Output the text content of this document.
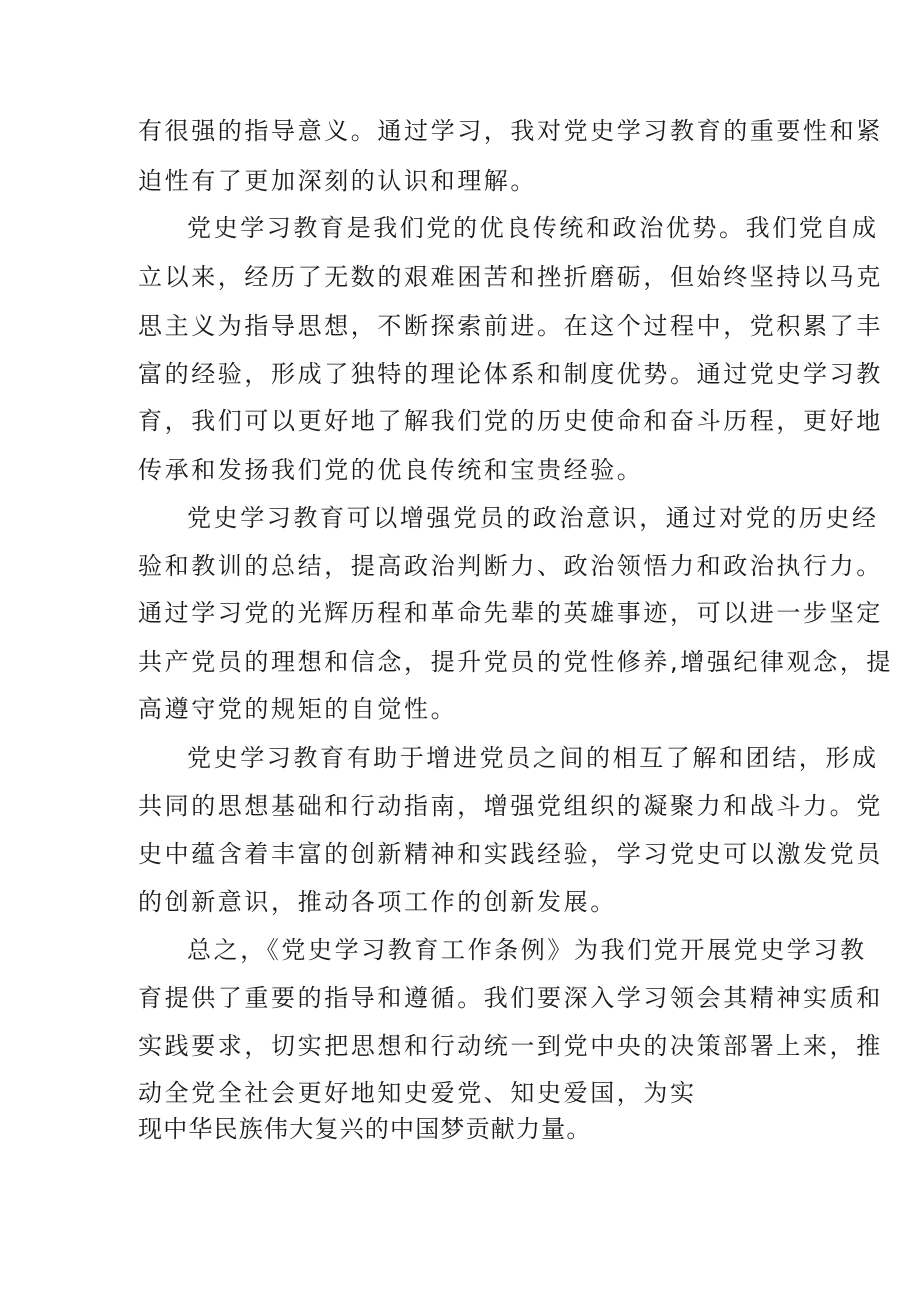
有很强的指导意义。通过学习，我对党史学习教育的重要性和紧
迫性有了更加深刻的认识和理解。
党史学习教育是我们党的优良传统和政治优势。我们党自成
立以来，经历了无数的艰难困苦和挫折磨砺，但始终坚持以马克
思主义为指导思想，不断探索前进。在这个过程中，党积累了丰
富的经验，形成了独特的理论体系和制度优势。通过党史学习教
育，我们可以更好地了解我们党的历史使命和奋斗历程，更好地
传承和发扬我们党的优良传统和宝贵经验。
党史学习教育可以增强党员的政治意识，通过对党的历史经
验和教训的总结，提高政治判断力、政治领悟力和政治执行力。
通过学习党的光辉历程和革命先辈的英雄事迹，可以进一步坚定
共产党员的理想和信念，提升党员的党性修养,增强纪律观念，提
高遵守党的规矩的自觉性。
党史学习教育有助于增进党员之间的相互了解和团结，形成
共同的思想基础和行动指南，增强党组织的凝聚力和战斗力。党
史中蕴含着丰富的创新精神和实践经验，学习党史可以激发党员
的创新意识，推动各项工作的创新发展。
总之，《党史学习教育工作条例》为我们党开展党史学习教
育提供了重要的指导和遵循。我们要深入学习领会其精神实质和
实践要求，切实把思想和行动统一到党中央的决策部署上来，推
动全党全社会更好地知史爱党、知史爱国，为实
现中华民族伟大复兴的中国梦贡献力量。
